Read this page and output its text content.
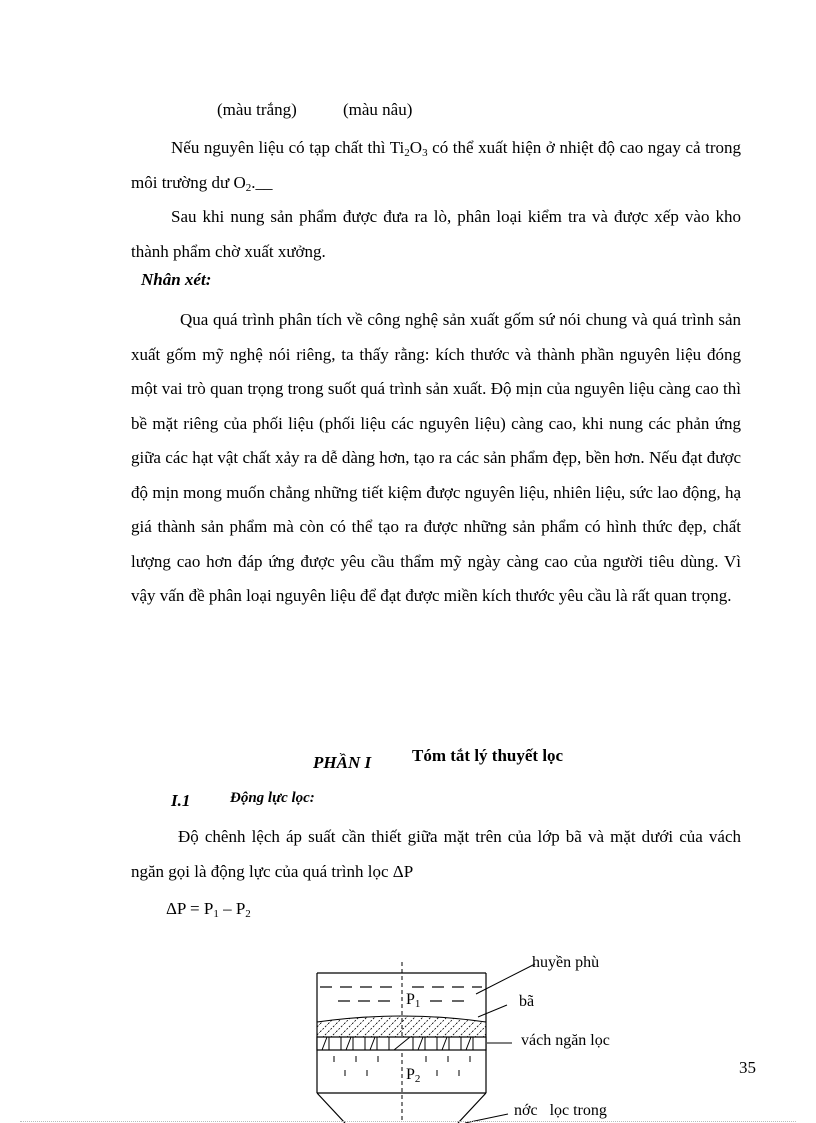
(màu trắng)	(màu nâu)
Nếu nguyên liệu có tạp chất thì $Ti_2O_3$ có thể xuất hiện ở nhiệt độ cao ngay cả trong môi trường dư $O_2.\_\_$
Sau khi nung sản phẩm được đưa ra lò, phân loại kiểm tra và được xếp vào kho thành phẩm chờ xuất xưởng.
Nhân xét:
Qua quá trình phân tích về công nghệ sản xuất gốm sứ nói chung và quá trình sản xuất gốm mỹ nghệ nói riêng, ta thấy rằng: kích thước và thành phần nguyên liệu đóng một vai trò quan trọng trong suốt quá trình sản xuất. Độ mịn của nguyên liệu càng cao thì bề mặt riêng của phối liệu (phối liệu các nguyên liệu) càng cao, khi nung các phản ứng giữa các hạt vật chất xảy ra dễ dàng hơn, tạo ra các sản phẩm đẹp, bền hơn. Nếu đạt được độ mịn mong muốn chẳng những tiết kiệm được nguyên liệu, nhiên liệu, sức lao động, hạ giá thành sản phẩm mà còn có thể tạo ra được những sản phẩm có hình thức đẹp, chất lượng cao hơn đáp ứng được yêu cầu thẩm mỹ ngày càng cao của người tiêu dùng. Vì vậy vấn đề phân loại nguyên liệu để đạt được miền kích thước yêu cầu là rất quan trọng.
PHẦN I Tóm tắt lý thuyết lọc
I.1	Động lực lọc:
Độ chênh lệch áp suất cần thiết giữa mặt trên của lớp bã và mặt dưới của vách ngăn gọi là động lực của quá trình lọc ΔP
$\Delta P = P_1 - P_2$
$P_1$
$P_2$
huyền phù
bã
vách ngăn lọc
nớc   lọc trong
35
